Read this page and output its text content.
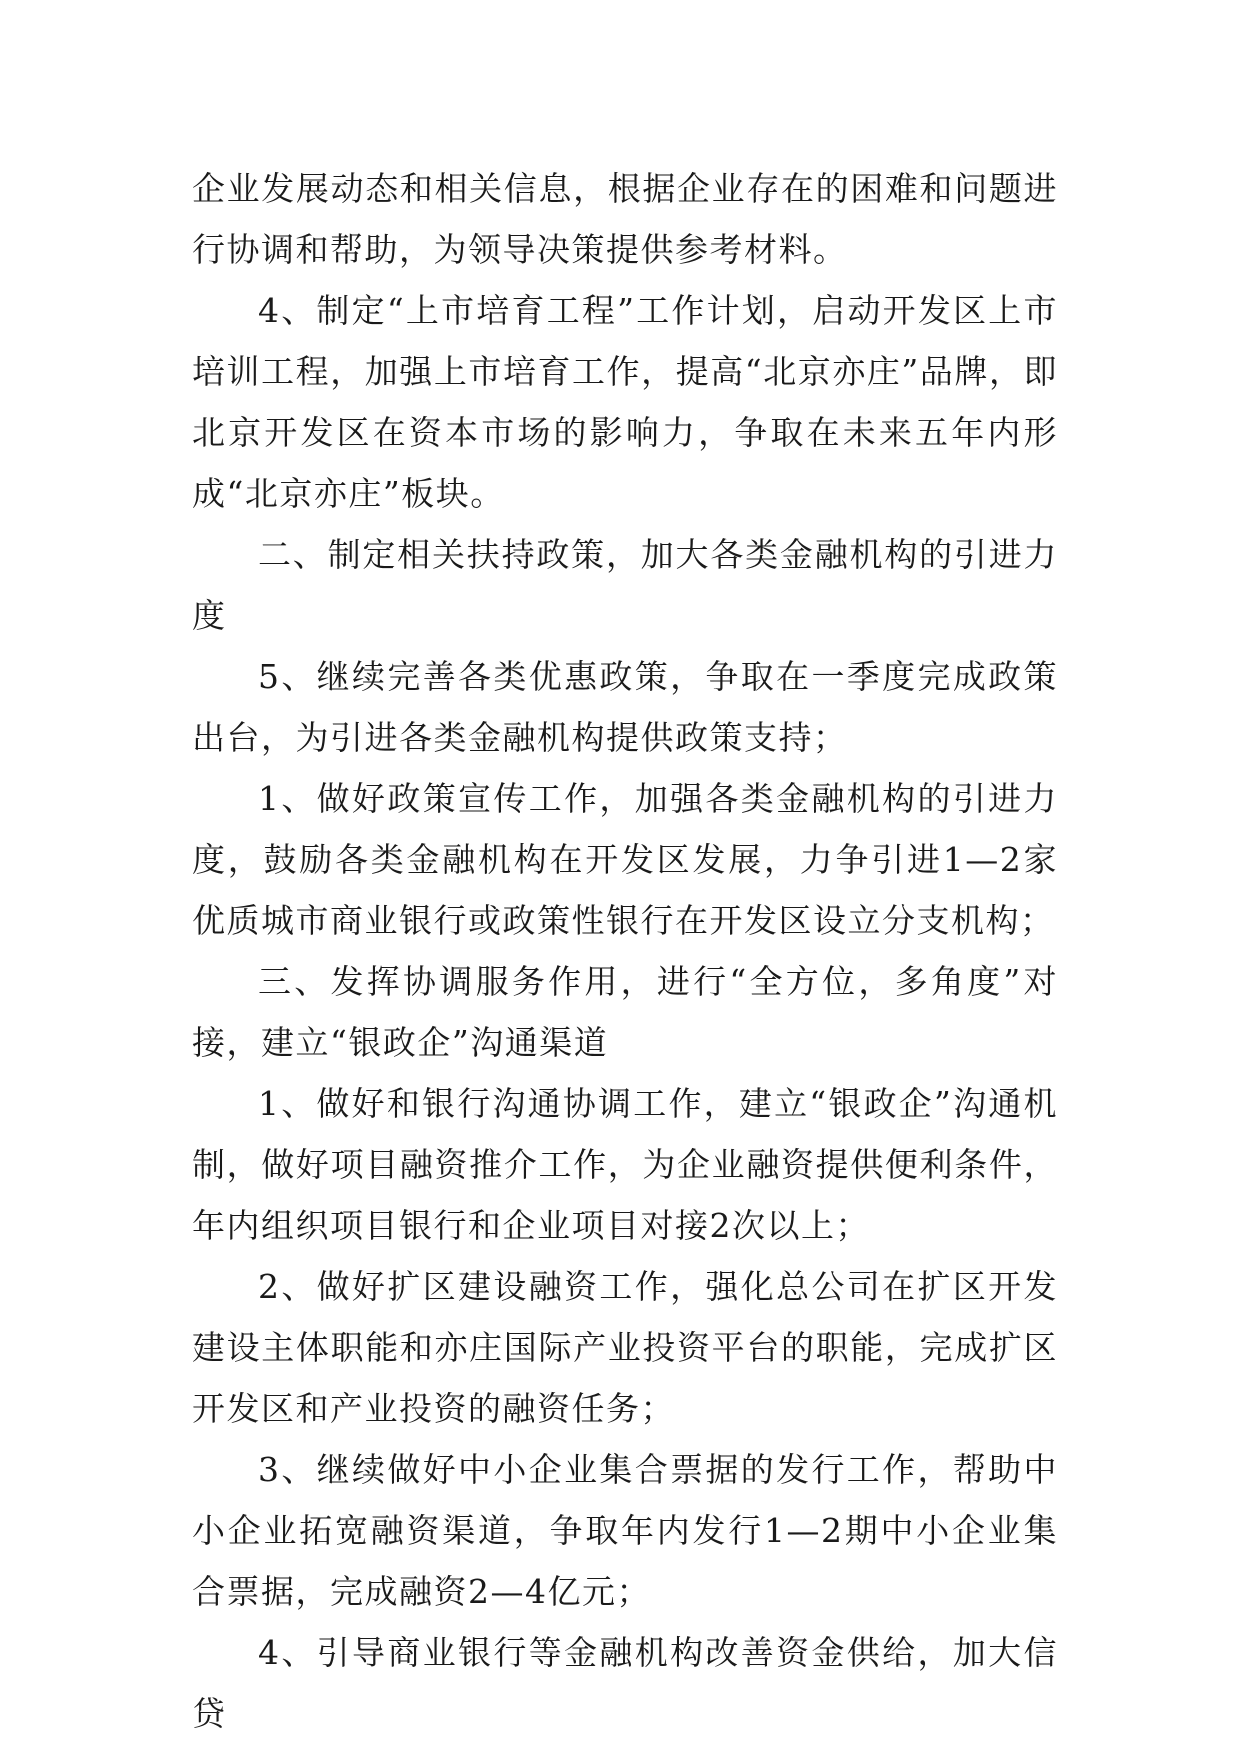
企业发展动态和相关信息，根据企业存在的困难和问题进行协调和帮助，为领导决策提供参考材料。

4、制定“上市培育工程”工作计划，启动开发区上市培训工程，加强上市培育工作，提高“北京亦庄”品牌，即北京开发区在资本市场的影响力，争取在未来五年内形成“北京亦庄”板块。

二、制定相关扶持政策，加大各类金融机构的引进力度

5、继续完善各类优惠政策，争取在一季度完成政策出台，为引进各类金融机构提供政策支持；

1、做好政策宣传工作，加强各类金融机构的引进力度，鼓励各类金融机构在开发区发展，力争引进1—2家优质城市商业银行或政策性银行在开发区设立分支机构；

三、发挥协调服务作用，进行“全方位，多角度”对接，建立“银政企”沟通渠道

1、做好和银行沟通协调工作，建立“银政企”沟通机制，做好项目融资推介工作，为企业融资提供便利条件，年内组织项目银行和企业项目对接2次以上；

2、做好扩区建设融资工作，强化总公司在扩区开发建设主体职能和亦庄国际产业投资平台的职能，完成扩区开发区和产业投资的融资任务；

3、继续做好中小企业集合票据的发行工作，帮助中小企业拓宽融资渠道，争取年内发行1—2期中小企业集合票据，完成融资2—4亿元；

4、引导商业银行等金融机构改善资金供给，加大信贷
